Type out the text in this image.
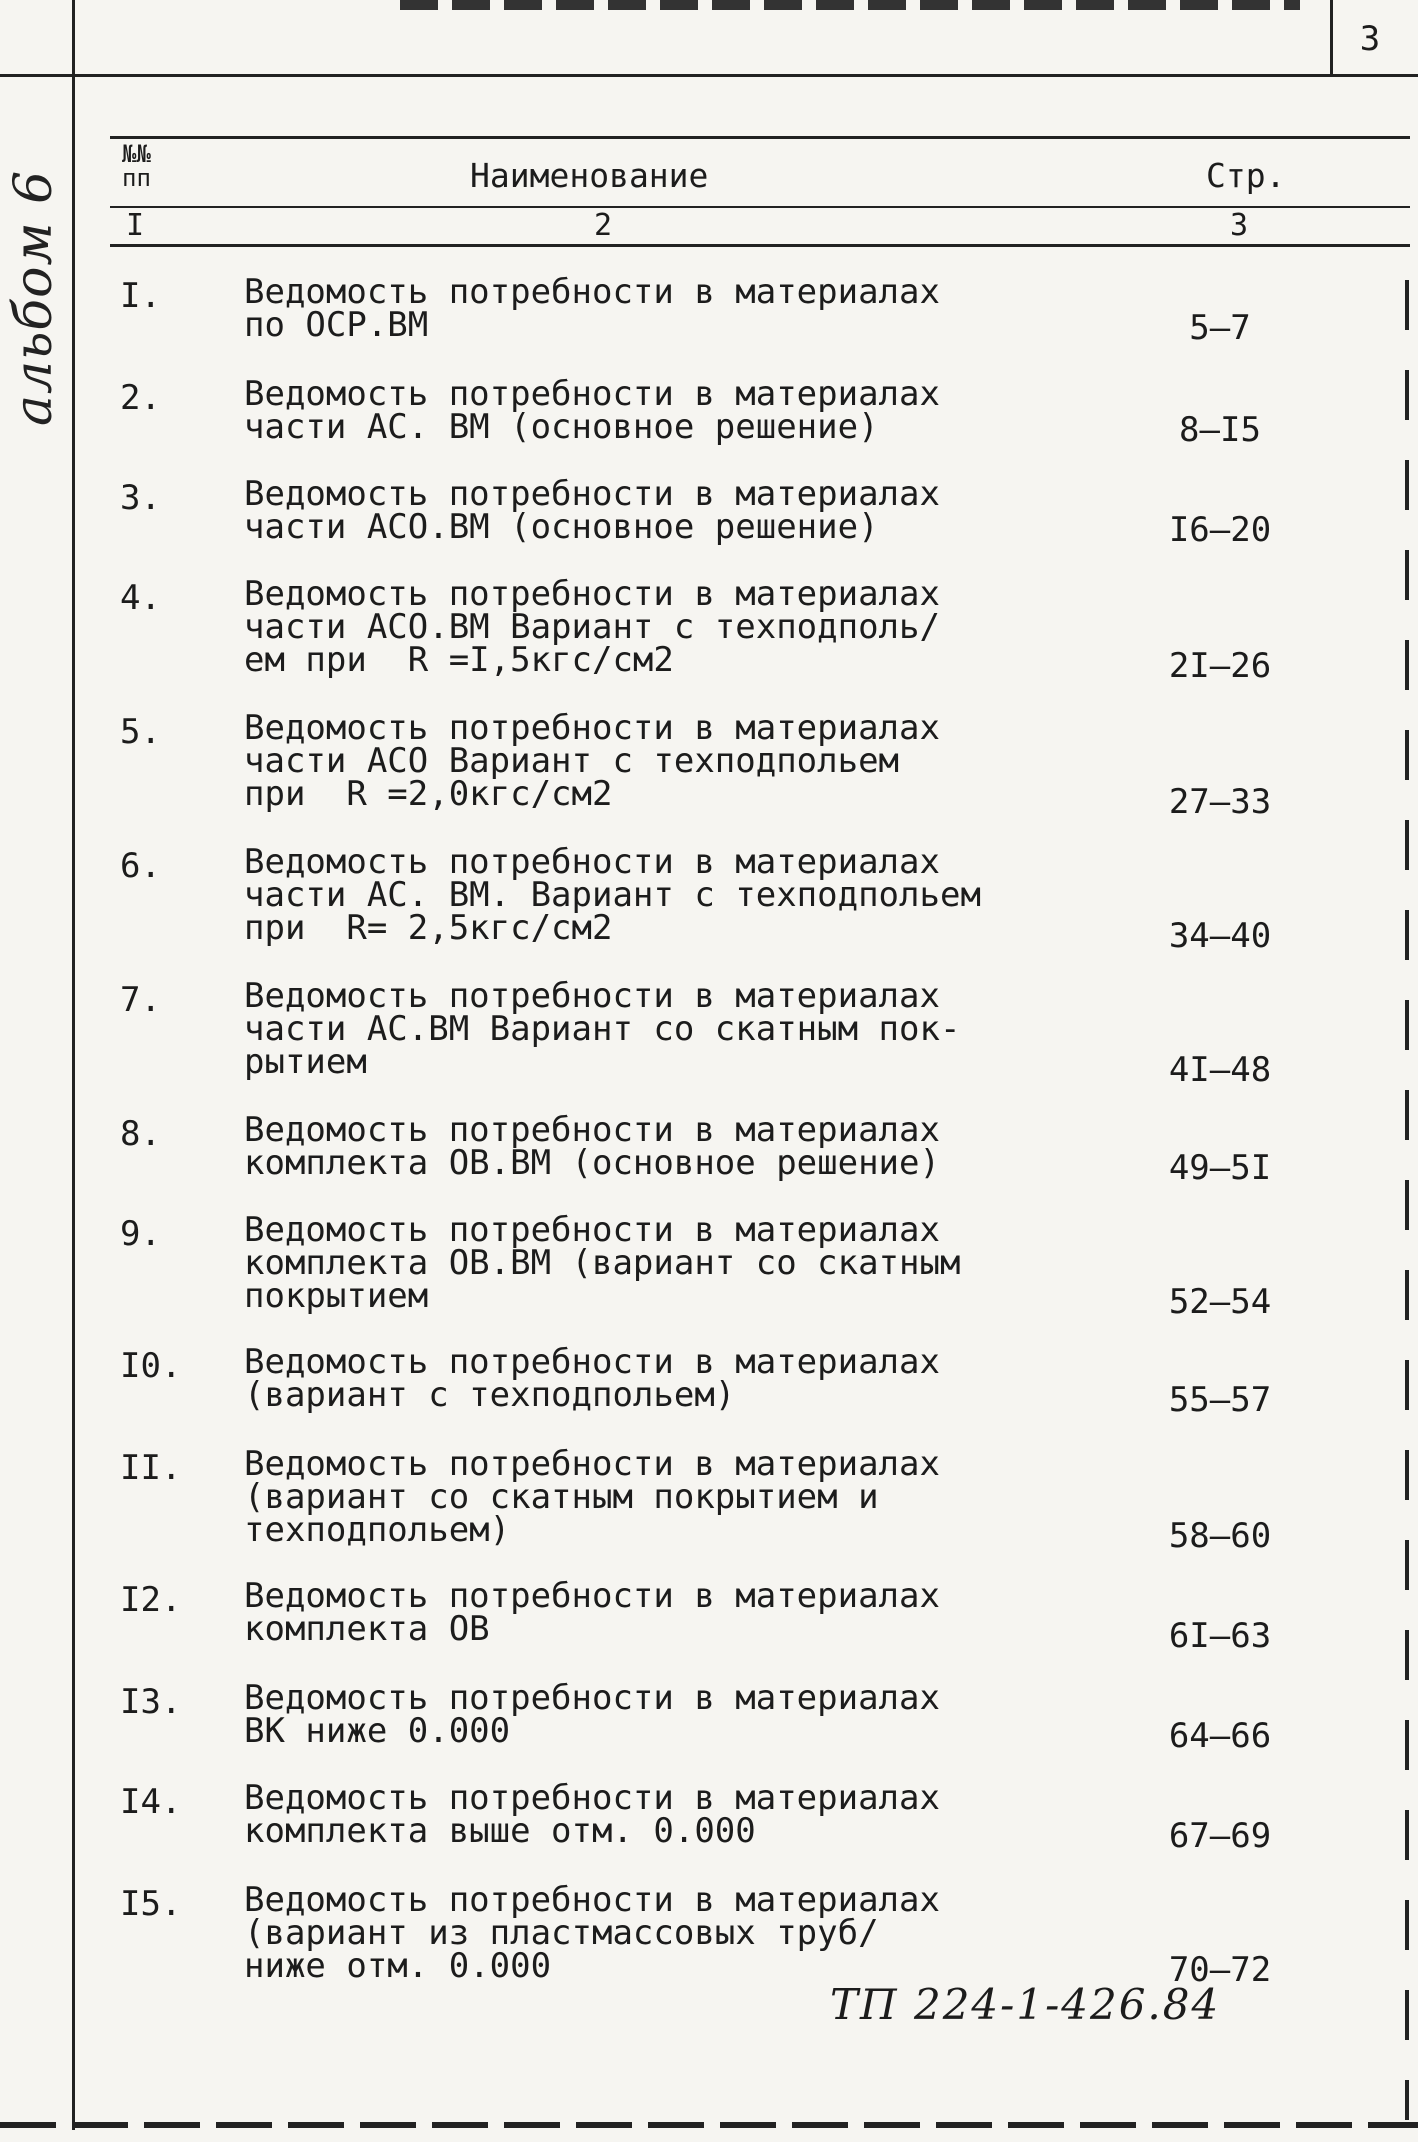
3
альбом 6
№№ пп	Наименование	Стр.
I	2	3
I.	Ведомость потребности в материалах
по ОСР.ВМ	5–7
2.	Ведомость потребности в материалах
части АС. ВМ (основное решение)	8–I5
3.	Ведомость потребности в материалах
части АСО.ВМ (основное решение)	I6–20
4.	Ведомость потребности в материалах
части АСО.ВМ Вариант с техподполь/
ем при  R =I,5кгс/см2	2I–26
5.	Ведомость потребности в материалах
части АСО Вариант с техподпольем
при  R =2,0кгс/см2	27–33
6.	Ведомость потребности в материалах
части АС. ВМ. Вариант с техподпольем
при  R= 2,5кгс/см2	34–40
7.	Ведомость потребности в материалах
части АС.ВМ Вариант со скатным пок-
рытием	4I–48
8.	Ведомость потребности в материалах
комплекта ОВ.ВМ (основное решение)	49–5I
9.	Ведомость потребности в материалах
комплекта ОВ.ВМ (вариант со скатным
покрытием	52–54
I0.	Ведомость потребности в материалах
(вариант с техподпольем)	55–57
II.	Ведомость потребности в материалах
(вариант со скатным покрытием и
техподпольем)	58–60
I2.	Ведомость потребности в материалах
комплекта ОВ	6I–63
I3.	Ведомость потребности в материалах
ВК ниже 0.000	64–66
I4.	Ведомость потребности в материалах
комплекта выше отм. 0.000	67–69
I5.	Ведомость потребности в материалах
(вариант из пластмассовых труб/
ниже отм. 0.000	70–72
ТП 224-1-426.84
